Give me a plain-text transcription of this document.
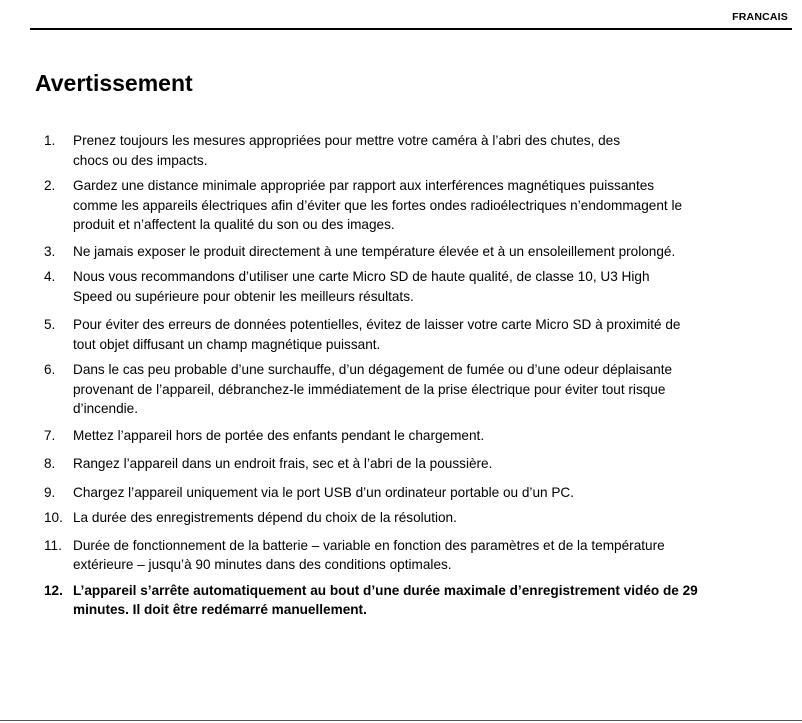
FRANCAIS
Avertissement
1.	Prenez toujours les mesures appropriées pour mettre votre caméra à l’abri des chutes, des chocs ou des impacts.
2.	Gardez une distance minimale appropriée par rapport aux interférences magnétiques puissantes comme les appareils électriques afin d’éviter que les fortes ondes radioélectriques n’endommagent le produit et n’affectent la qualité du son ou des images.
3.	Ne jamais exposer le produit directement à une température élevée et à un ensoleillement prolongé.
4.	Nous vous recommandons d’utiliser une carte Micro SD de haute qualité, de classe 10, U3 High Speed ou supérieure pour obtenir les meilleurs résultats.
5.	Pour éviter des erreurs de données potentielles, évitez de laisser votre carte Micro SD à proximité de tout objet diffusant un champ magnétique puissant.
6.	Dans le cas peu probable d’une surchauffe, d’un dégagement de fumée ou d’une odeur déplaisante provenant de l’appareil, débranchez-le immédiatement de la prise électrique pour éviter tout risque d’incendie.
7.	Mettez l’appareil hors de portée des enfants pendant le chargement.
8.	Rangez l’appareil dans un endroit frais, sec et à l’abri de la poussière.
9.	Chargez l’appareil uniquement via le port USB d’un ordinateur portable ou d’un PC.
10. La durée des enregistrements dépend du choix de la résolution.
11. Durée de fonctionnement de la batterie – variable en fonction des paramètres et de la température extérieure – jusqu’à 90 minutes dans des conditions optimales.
12. L’appareil s’arrête automatiquement au bout d’une durée maximale d’enregistrement vidéo de 29 minutes. Il doit être redémarré manuellement.
